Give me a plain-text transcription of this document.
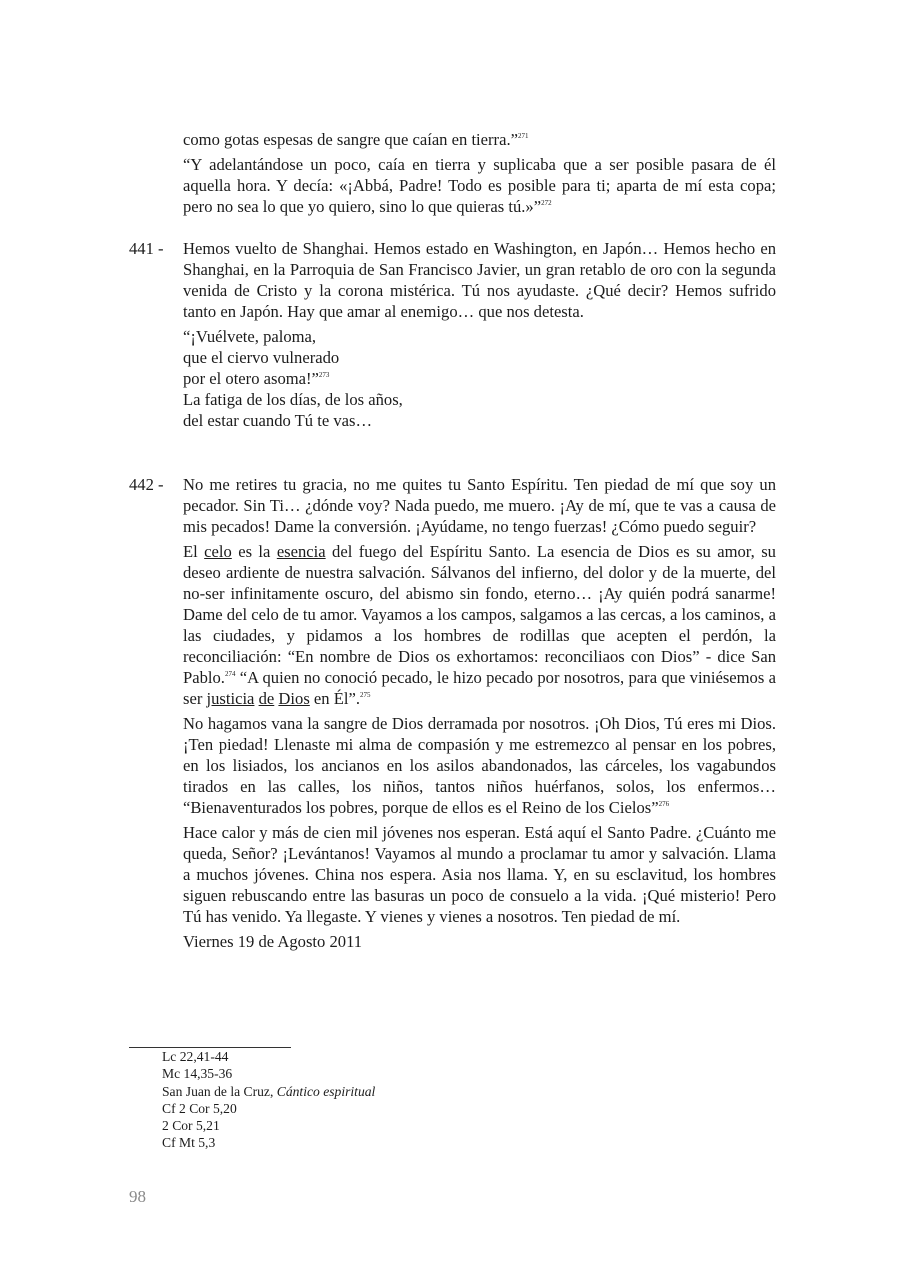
como gotas espesas de sangre que caían en tierra.”$^{271}$

“Y adelantándose un poco, caía en tierra y suplicaba que a ser posible pasara de él aquella hora. Y decía: «¡Abbá, Padre! Todo es posible para ti; aparta de mí esta copa; pero no sea lo que yo quiero, sino lo que quieras tú.»”$^{272}$

441 - Hemos vuelto de Shanghai. Hemos estado en Washington, en Japón… Hemos hecho en Shanghai, en la Parroquia de San Francisco Javier, un gran retablo de oro con la segunda venida de Cristo y la corona mistérica. Tú nos ayudaste. ¿Qué decir? Hemos sufrido tanto en Japón. Hay que amar al enemigo… que nos detesta.

“¡Vuélvete, paloma,
que el ciervo vulnerado
por el otero asoma!”$^{273}$
La fatiga de los días, de los años,
del estar cuando Tú te vas…
442 - No me retires tu gracia, no me quites tu Santo Espíritu. Ten piedad de mí que soy un pecador. Sin Ti… ¿dónde voy? Nada puedo, me muero. ¡Ay de mí, que te vas a causa de mis pecados! Dame la conversión. ¡Ayúdame, no tengo fuerzas! ¿Cómo puedo seguir?

El celo es la esencia del fuego del Espíritu Santo. La esencia de Dios es su amor, su deseo ardiente de nuestra salvación. Sálvanos del infierno, del dolor y de la muerte, del no-ser infinitamente oscuro, del abismo sin fondo, eterno… ¡Ay quién podrá sanarme! Dame del celo de tu amor. Vayamos a los campos, salgamos a las cercas, a los caminos, a las ciudades, y pidamos a los hombres de rodillas que acepten el perdón, la reconciliación: “En nombre de Dios os exhortamos: reconciliaos con Dios” - dice San Pablo.$^{274}$ “A quien no conoció pecado, le hizo pecado por nosotros, para que viniésemos a ser justicia de Dios en Él”.$^{275}$

No hagamos vana la sangre de Dios derramada por nosotros. ¡Oh Dios, Tú eres mi Dios. ¡Ten piedad! Llenaste mi alma de compasión y me estremezco al pensar en los pobres, en los lisiados, los ancianos en los asilos abandonados, las cárceles, los vagabundos tirados en las calles, los niños, tantos niños huérfanos, solos, los enfermos… “Bienaventurados los pobres, porque de ellos es el Reino de los Cielos”$^{276}$

Hace calor y más de cien mil jóvenes nos esperan. Está aquí el Santo Padre. ¿Cuánto me queda, Señor? ¡Levántanos! Vayamos al mundo a proclamar tu amor y salvación. Llama a muchos jóvenes. China nos espera. Asia nos llama. Y, en su esclavitud, los hombres siguen rebuscando entre las basuras un poco de consuelo a la vida. ¡Qué misterio! Pero Tú has venido. Ya llegaste. Y vienes y vienes a nosotros. Ten piedad de mí.

Viernes 19 de Agosto 2011

Lc 22,41-44
Mc 14,35-36
San Juan de la Cruz, Cántico espiritual
Cf 2 Cor 5,20
2 Cor 5,21
Cf Mt 5,3
98
